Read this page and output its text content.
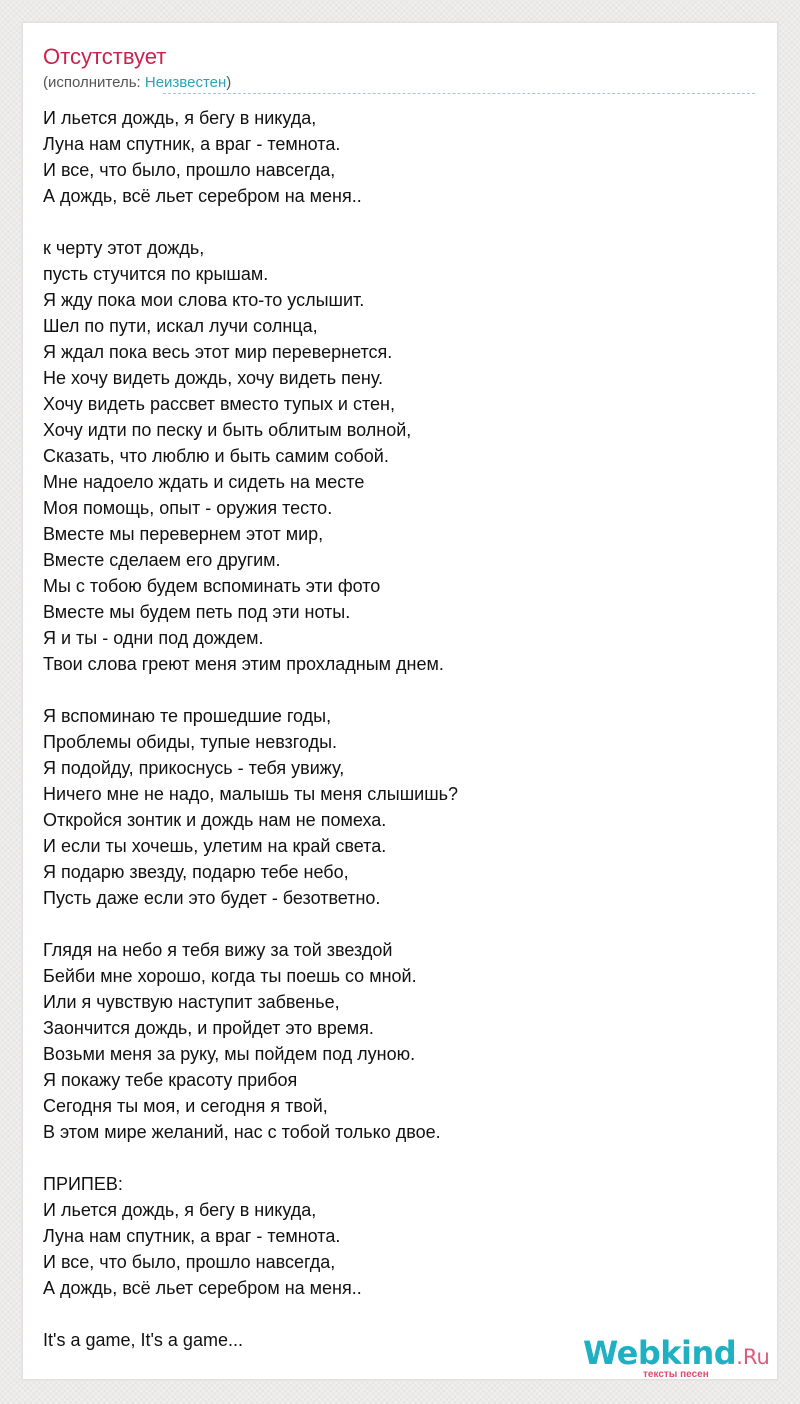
Отсутствует
(исполнитель: Неизвестен)
И льется дождь, я бегу в никуда,
Луна нам спутник, а враг - темнота.
И все, что было, прошло навсегда,
А дождь, всё льет серебром на меня..
к черту этот дождь,
пусть стучится по крышам.
Я жду пока мои слова кто-то услышит.
Шел по пути, искал лучи солнца,
Я ждал пока весь этот мир перевернется.
Не хочу видеть дождь, хочу видеть пену.
Хочу видеть рассвет вместо тупых и стен,
Хочу идти по песку и быть облитым волной,
Сказать, что люблю и быть самим собой.
Мне надоело ждать и сидеть на месте
Моя помощь, опыт - оружия тесто.
Вместе мы перевернем этот мир,
Вместе сделаем его другим.
Мы с тобою будем вспоминать эти фото
Вместе мы будем петь под эти ноты.
Я и ты - одни под дождем.
Твои слова греют меня этим прохладным днем.
Я вспоминаю те прошедшие годы,
Проблемы обиды, тупые невзгоды.
Я подойду, прикоснусь - тебя увижу,
Ничего мне не надо, малышь ты меня слышишь?
Откройся зонтик и дождь нам не помеха.
И если ты хочешь, улетим на край света.
Я подарю звезду, подарю тебе небо,
Пусть даже если это будет - безответно.
Глядя на небо я тебя вижу за той звездой
Бейби мне хорошо, когда ты поешь со мной.
Или я чувствую наступит забвенье,
Заончится дождь, и пройдет это время.
Возьми меня за руку, мы пойдем под луною.
Я покажу тебе красоту прибоя
Сегодня ты моя, и сегодня я твой,
В этом мире желаний, нас с тобой только двое.
ПРИПЕВ:
И льется дождь, я бегу в никуда,
Луна нам спутник, а враг - темнота.
И все, что было, прошло навсегда,
А дождь, всё льет серебром на меня..
It's a game, It's a game...	Webkind.Ru
тексты песен
